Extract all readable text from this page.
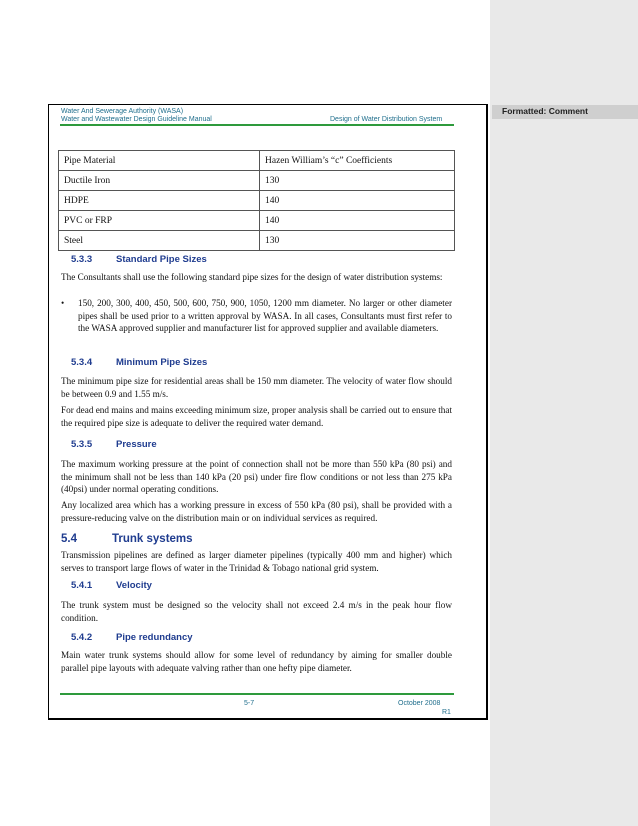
Formatted: Comment
Water And Sewerage Authority (WASA)
Water and Wastewater Design Guideline Manual	Design of Water Distribution System
Pipe Material	Hazen William’s “c” Coefficients
Ductile Iron	130
HDPE	140
PVC or FRP	140
Steel	130
5.3.3	Standard Pipe Sizes
The Consultants shall use the following standard pipe sizes for the design of water distribution systems:
• 150, 200, 300, 400, 450, 500, 600, 750, 900, 1050, 1200 mm diameter. No larger or other diameter pipes shall be used prior to a written approval by WASA. In all cases, Consultants must first refer to the WASA approved supplier and manufacturer list for approved supplier and available diameters.
5.3.4	Minimum Pipe Sizes
The minimum pipe size for residential areas shall be 150 mm diameter. The velocity of water flow should be between 0.9 and 1.55 m/s.
For dead end mains and mains exceeding minimum size, proper analysis shall be carried out to ensure that the required pipe size is adequate to deliver the required water demand.
5.3.5	Pressure
The maximum working pressure at the point of connection shall not be more than 550 kPa (80 psi) and the minimum shall not be less than 140 kPa (20 psi) under fire flow conditions or not less than 275 kPa (40psi) under normal operating conditions.
Any localized area which has a working pressure in excess of 550 kPa (80 psi), shall be provided with a pressure-reducing valve on the distribution main or on individual services as required.
5.4	Trunk systems
Transmission pipelines are defined as larger diameter pipelines (typically 400 mm and higher) which serves to transport large flows of water in the Trinidad & Tobago national grid system.
5.4.1	Velocity
The trunk system must be designed so the velocity shall not exceed 2.4 m/s in the peak hour flow condition.
5.4.2	Pipe redundancy
Main water trunk systems should allow for some level of redundancy by aiming for smaller double parallel pipe layouts with adequate valving rather than one hefty pipe diameter.
5-7	October 2008
R1
